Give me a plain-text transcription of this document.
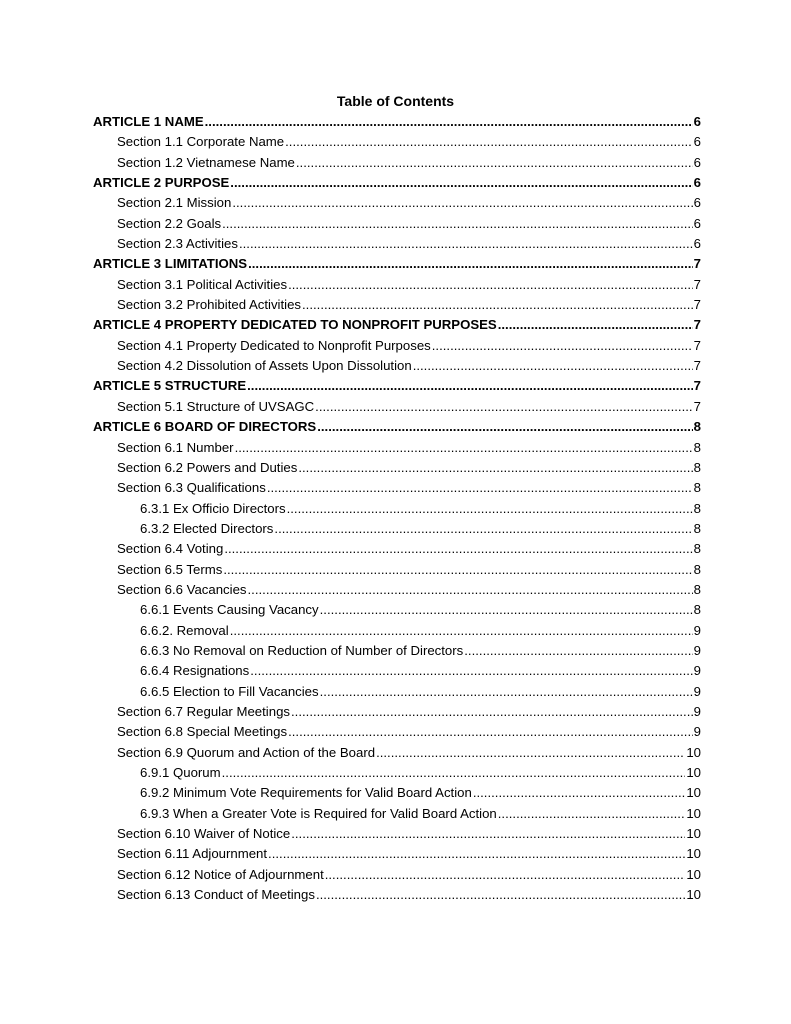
Table of Contents
ARTICLE 1 NAME .....	6
Section 1.1 Corporate Name .....	6
Section 1.2 Vietnamese Name .....	6
ARTICLE 2 PURPOSE .....	6
Section 2.1 Mission .....	6
Section 2.2 Goals .....	6
Section 2.3 Activities .....	6
ARTICLE 3 LIMITATIONS .....	7
Section 3.1 Political Activities .....	7
Section 3.2 Prohibited Activities .....	7
ARTICLE 4 PROPERTY DEDICATED TO NONPROFIT PURPOSES .....	7
Section 4.1 Property Dedicated to Nonprofit Purposes .....	7
Section 4.2 Dissolution of Assets Upon Dissolution .....	7
ARTICLE 5 STRUCTURE .....	7
Section 5.1 Structure of UVSAGC .....	7
ARTICLE 6 BOARD OF DIRECTORS .....	8
Section 6.1 Number .....	8
Section 6.2 Powers and Duties .....	8
Section 6.3 Qualifications .....	8
6.3.1 Ex Officio Directors .....	8
6.3.2 Elected Directors .....	8
Section 6.4 Voting .....	8
Section 6.5 Terms .....	8
Section 6.6 Vacancies .....	8
6.6.1 Events Causing Vacancy .....	8
6.6.2. Removal .....	9
6.6.3 No Removal on Reduction of Number of Directors .....	9
6.6.4 Resignations .....	9
6.6.5 Election to Fill Vacancies .....	9
Section 6.7 Regular Meetings .....	9
Section 6.8 Special Meetings .....	9
Section 6.9 Quorum and Action of the Board .....	10
6.9.1 Quorum .....	10
6.9.2 Minimum Vote Requirements for Valid Board Action .....	10
6.9.3 When a Greater Vote is Required for Valid Board Action .....	10
Section 6.10 Waiver of Notice .....	10
Section 6.11 Adjournment .....	10
Section 6.12 Notice of Adjournment .....	10
Section 6.13 Conduct of Meetings .....	10
